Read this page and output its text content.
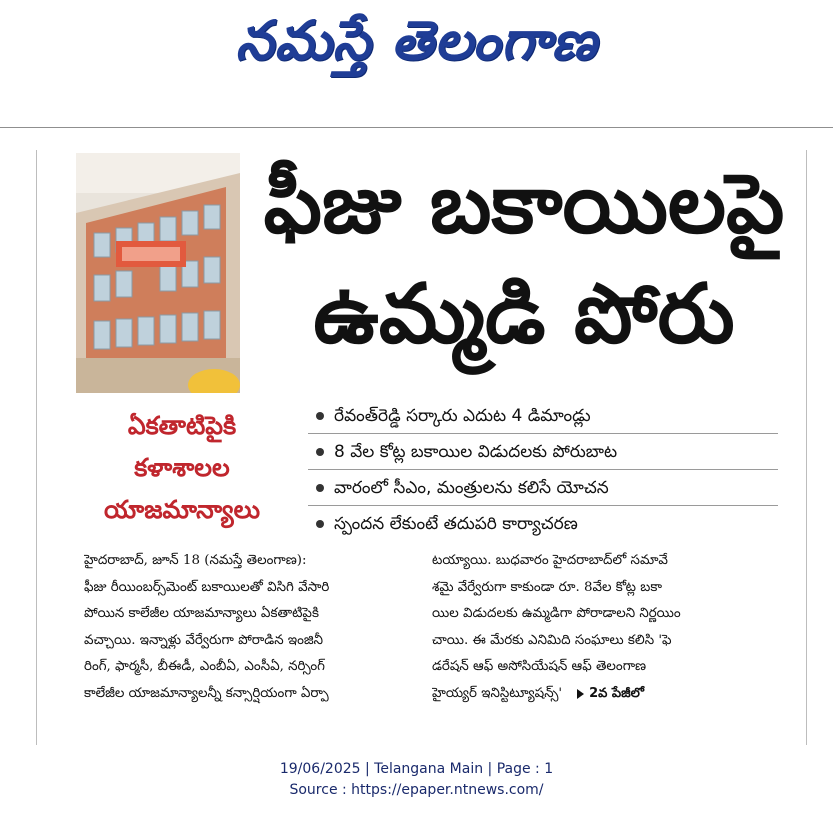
నమస్తే తెలంగాణ
ఫీజు బకాయిలపై
ఉమ్మడి పోరు
ఏకతాటిపైకి
కళాశాలల
యాజమాన్యాలు
రేవంత్‌రెడ్డి సర్కారు ఎదుట 4 డిమాండ్లు
8 వేల కోట్ల బకాయిల విడుదలకు పోరుబాట
వారంలో సీఎం, మంత్రులను కలిసే యోచన
స్పందన లేకుంటే తదుపరి కార్యాచరణ
హైదరాబాద్, జూన్ 18 (నమస్తే తెలంగాణ):
ఫీజు రీయింబర్స్‌మెంట్ బకాయిలతో విసిగి వేసారి
పోయిన కాలేజీల యాజమాన్యాలు ఏకతాటిపైకి
వచ్చాయి. ఇన్నాళ్లు వేర్వేరుగా పోరాడిన ఇంజినీ
రింగ్, ఫార్మసీ, బీఈడీ, ఎంబీఏ, ఎంసీఏ, నర్సింగ్
కాలేజీల యాజమాన్యాలన్నీ కన్సార్షియంగా ఏర్పా
టయ్యాయి. బుధవారం హైదరాబాద్‌లో సమావే
శమై వేర్వేరుగా కాకుండా రూ. 8వేల కోట్ల బకా
యిల విడుదలకు ఉమ్మడిగా పోరాడాలని నిర్ణయిం
చాయి. ఈ మేరకు ఎనిమిది సంఘాలు కలిసి 'ఫె
డరేషన్ ఆఫ్ అసోసియేషన్ ఆఫ్ తెలంగాణ
హైయ్యర్ ఇనిస్టిట్యూషన్స్' 2వ పేజీలో
19/06/2025 | Telangana Main | Page : 1
Source : https://epaper.ntnews.com/
